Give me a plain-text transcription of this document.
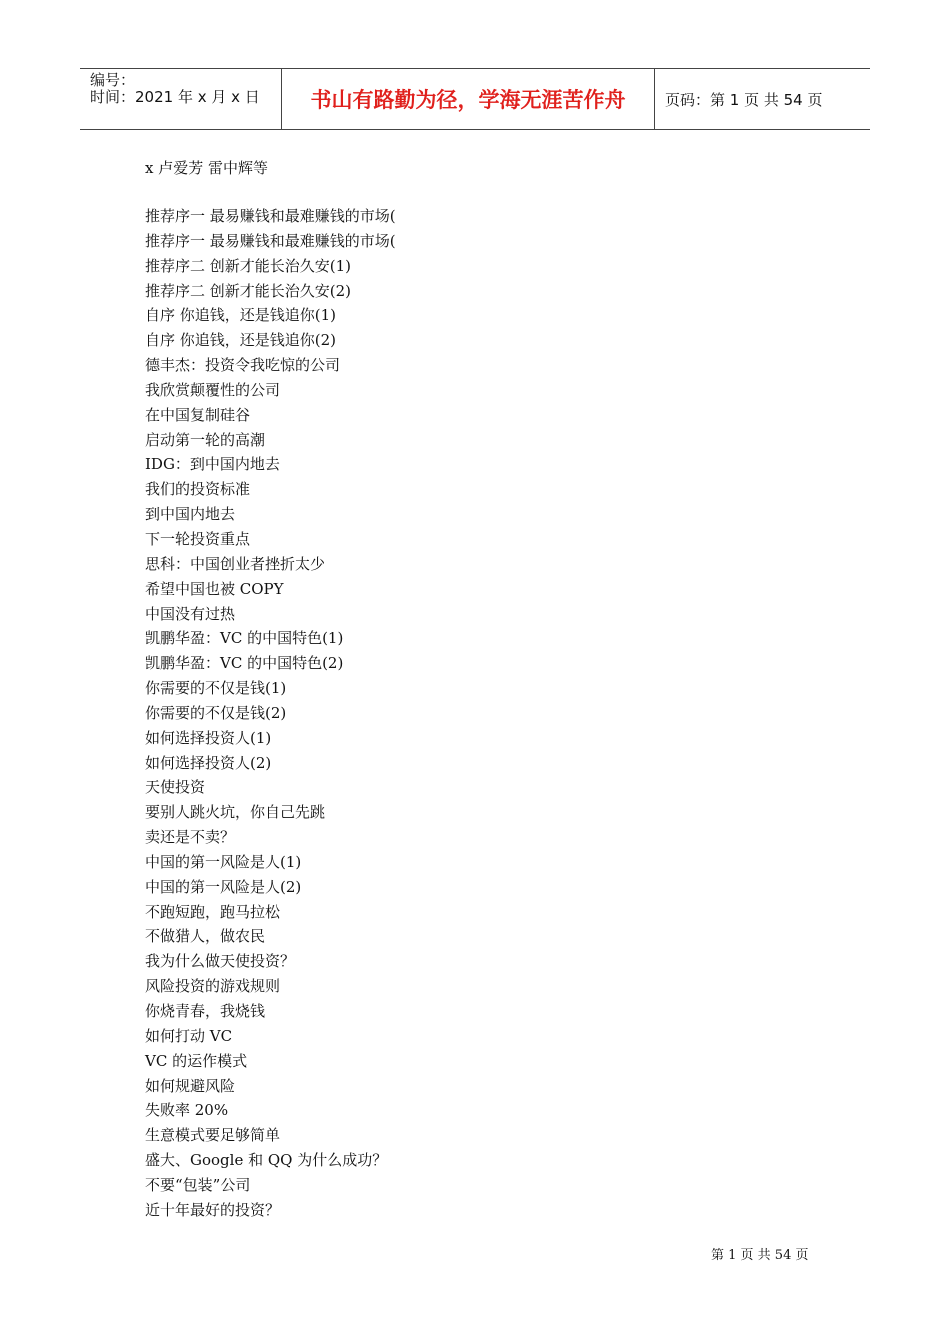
编号：
时间：2021 年 x 月 x 日	书山有路勤为径，学海无涯苦作舟	页码：第 1 页 共 54 页
x 卢爱芳 雷中辉等
推荐序一 最易赚钱和最难赚钱的市场(
推荐序一 最易赚钱和最难赚钱的市场(
推荐序二 创新才能长治久安(1)
推荐序二 创新才能长治久安(2)
自序 你追钱，还是钱追你(1)
自序 你追钱，还是钱追你(2)
德丰杰：投资令我吃惊的公司
我欣赏颠覆性的公司
在中国复制硅谷
启动第一轮的高潮
IDG：到中国内地去
我们的投资标准
到中国内地去
下一轮投资重点
思科：中国创业者挫折太少
希望中国也被 COPY
中国没有过热
凯鹏华盈：VC 的中国特色(1)
凯鹏华盈：VC 的中国特色(2)
你需要的不仅是钱(1)
你需要的不仅是钱(2)
如何选择投资人(1)
如何选择投资人(2)
天使投资
要别人跳火坑，你自己先跳
卖还是不卖？
中国的第一风险是人(1)
中国的第一风险是人(2)
不跑短跑，跑马拉松
不做猎人，做农民
我为什么做天使投资？
风险投资的游戏规则
你烧青春，我烧钱
如何打动 VC
VC 的运作模式
如何规避风险
失败率 20%
生意模式要足够简单
盛大、Google 和 QQ 为什么成功？
不要“包装”公司
近十年最好的投资？
第 1 页 共 54 页
